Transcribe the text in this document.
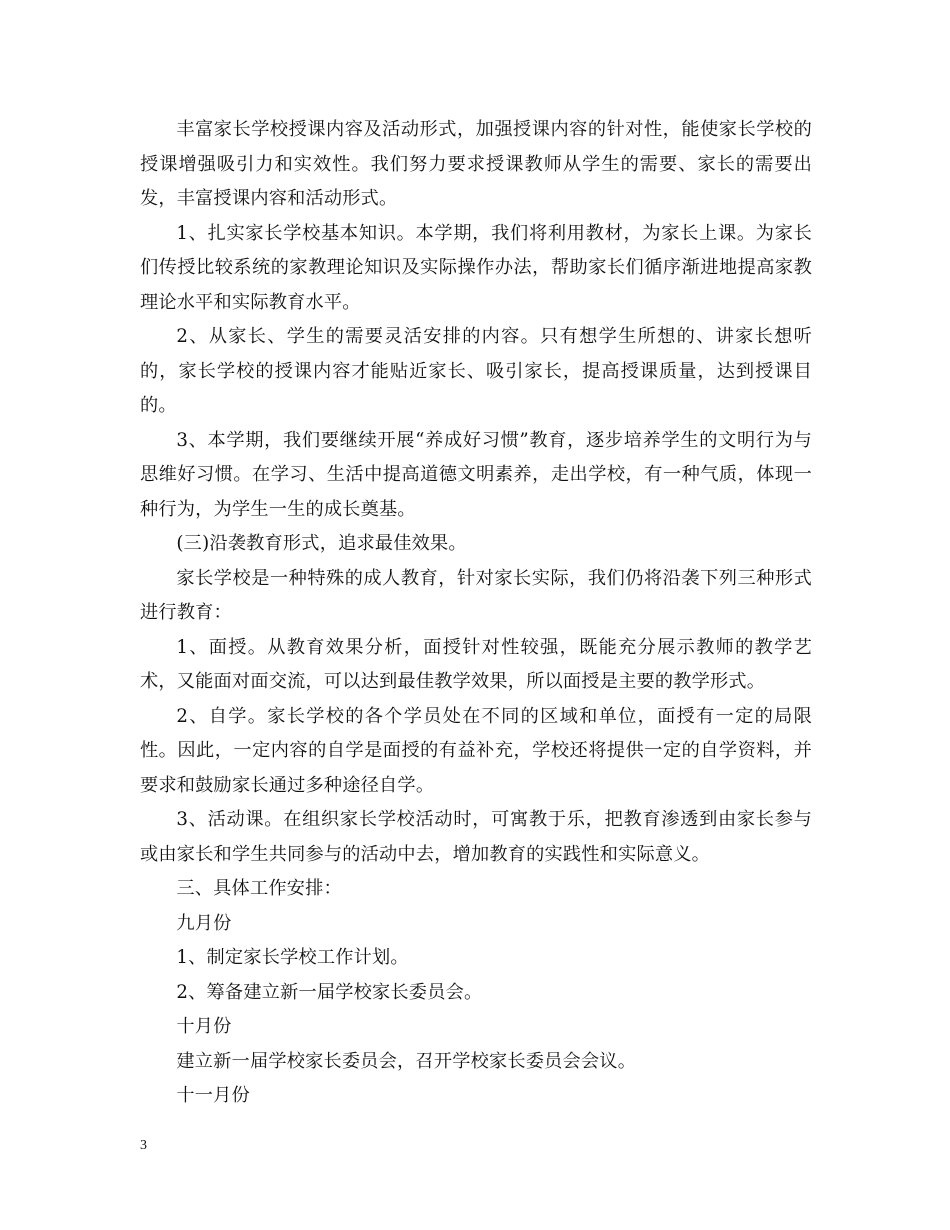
丰富家长学校授课内容及活动形式，加强授课内容的针对性，能使家长学校的授课增强吸引力和实效性。我们努力要求授课教师从学生的需要、家长的需要出发，丰富授课内容和活动形式。

1、扎实家长学校基本知识。本学期，我们将利用教材，为家长上课。为家长们传授比较系统的家教理论知识及实际操作办法，帮助家长们循序渐进地提高家教理论水平和实际教育水平。

2、从家长、学生的需要灵活安排的内容。只有想学生所想的、讲家长想听的，家长学校的授课内容才能贴近家长、吸引家长，提高授课质量，达到授课目的。

3、本学期，我们要继续开展“养成好习惯”教育，逐步培养学生的文明行为与思维好习惯。在学习、生活中提高道德文明素养，走出学校，有一种气质，体现一种行为，为学生一生的成长奠基。

(三)沿袭教育形式，追求最佳效果。

家长学校是一种特殊的成人教育，针对家长实际，我们仍将沿袭下列三种形式进行教育：

1、面授。从教育效果分析，面授针对性较强，既能充分展示教师的教学艺术，又能面对面交流，可以达到最佳教学效果，所以面授是主要的教学形式。

2、自学。家长学校的各个学员处在不同的区域和单位，面授有一定的局限性。因此，一定内容的自学是面授的有益补充，学校还将提供一定的自学资料，并要求和鼓励家长通过多种途径自学。

3、活动课。在组织家长学校活动时，可寓教于乐，把教育渗透到由家长参与或由家长和学生共同参与的活动中去，增加教育的实践性和实际意义。

三、具体工作安排：

九月份

1、制定家长学校工作计划。

2、筹备建立新一届学校家长委员会。

十月份

建立新一届学校家长委员会，召开学校家长委员会会议。

十一月份

3
